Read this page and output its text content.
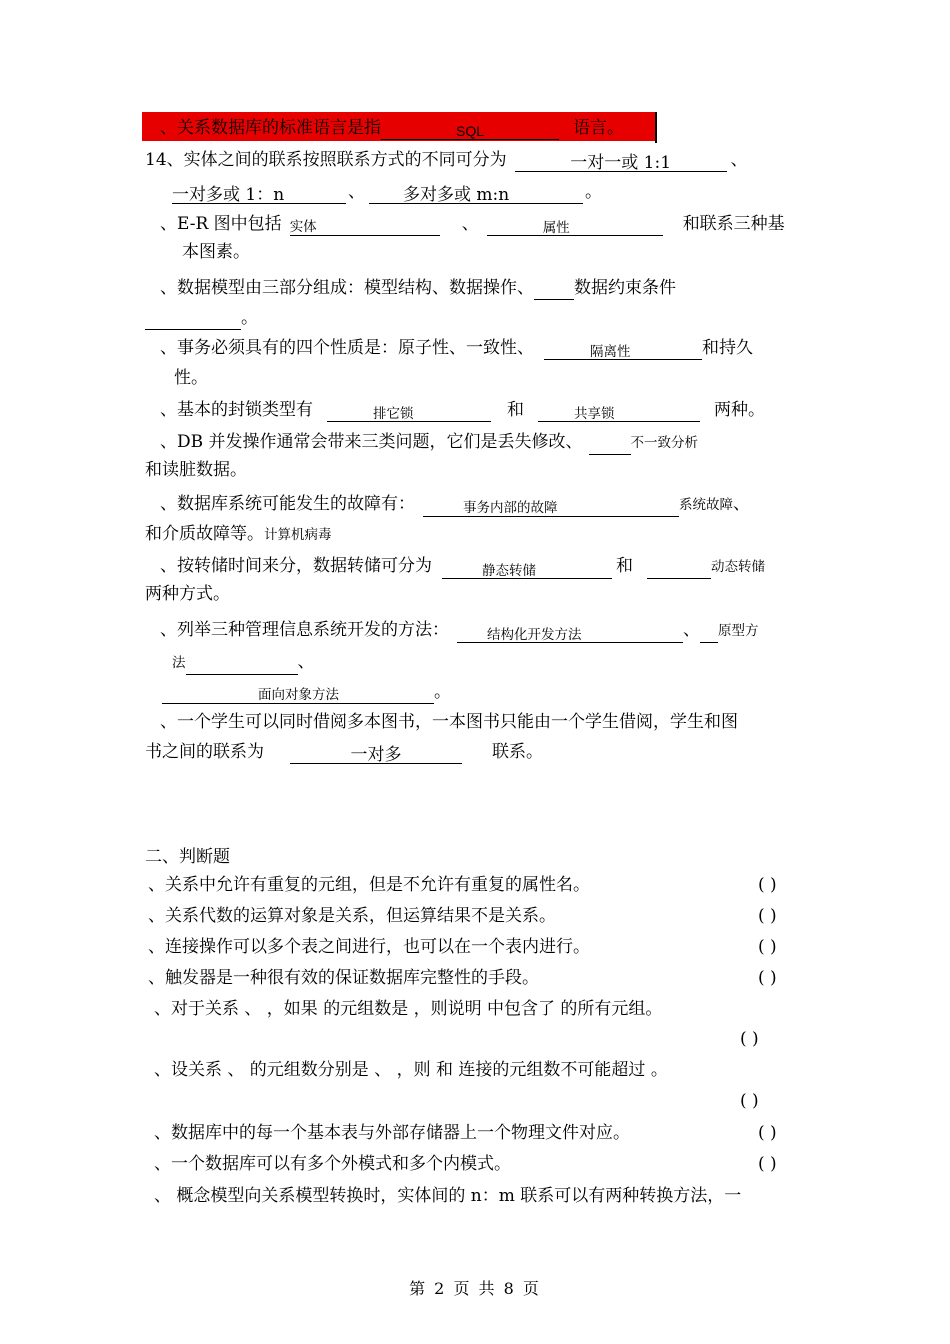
、关系数据库的标准语言是指	SQL	语言。
14、实体之间的联系按照联系方式的不同可分为	一对一或 1:1	、
一对多或 1：n	、 多对多或 m:n	。
、E-R 图中包括 实体	、	属性	和联系三种基
本图素。
、数据模型由三部分组成：模型结构、数据操作、 数据约束条件
。
、事务必须具有的四个性质是：原子性、一致性、	隔离性	和持久
性。
、基本的封锁类型有	排它锁	和	共享锁	两种。
、DB 并发操作通常会带来三类问题，它们是丢失修改、	不一致分析
和读脏数据。
、数据库系统可能发生的故障有：	事务内部的故障	系统故障、
和介质故障等。计算机病毒
、按转储时间来分，数据转储可分为	静态转储	和	动态转储
两种方式。
、列举三种管理信息系统开发的方法：	结构化开发方法	、 原型方
法	、
面向对象方法	。
、一个学生可以同时借阅多本图书，一本图书只能由一个学生借阅，学生和图
书之间的联系为	一对多	联系。
二、判断题
、关系中允许有重复的元组，但是不允许有重复的属性名。	( )
、关系代数的运算对象是关系，但运算结果不是关系。	( )
、连接操作可以多个表之间进行，也可以在一个表内进行。	( )
、触发器是一种很有效的保证数据库完整性的手段。	( )
、对于关系 、 ，如果 的元组数是 ，则说明 中包含了 的所有元组。
( )
、设关系 、 的元组数分别是 、 ，则 和 连接的元组数不可能超过 。
( )
、数据库中的每一个基本表与外部存储器上一个物理文件对应。	( )
、一个数据库可以有多个外模式和多个内模式。	( )
、 概念模型向关系模型转换时，实体间的 n：m 联系可以有两种转换方法，一
第 2 页 共 8 页
